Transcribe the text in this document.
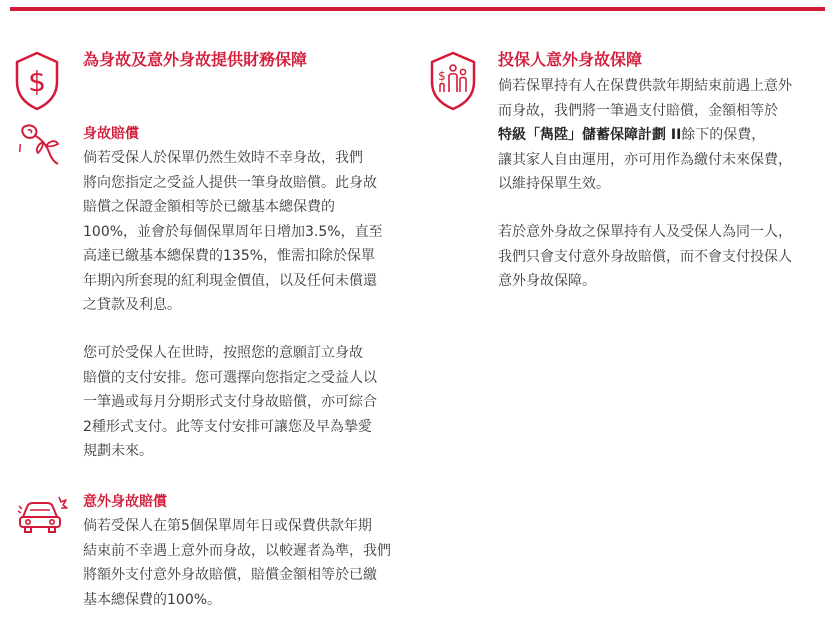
$
為身故及意外身故提供財務保障
身故賠償
倘若受保人於保單仍然生效時不幸身故，我們
將向您指定之受益人提供一筆身故賠償。此身故
賠償之保證金額相等於已繳基本總保費的
100%，並會於每個保單周年日增加3.5%，直至
高達已繳基本總保費的135%，惟需扣除於保單
年期內所套現的紅利現金價值，以及任何未償還
之貸款及利息。
您可於受保人在世時，按照您的意願訂立身故
賠償的支付安排。您可選擇向您指定之受益人以
一筆過或每月分期形式支付身故賠償，亦可綜合
2種形式支付。此等支付安排可讓您及早為摯愛
規劃未來。
意外身故賠償
倘若受保人在第5個保單周年日或保費供款年期
結束前不幸遇上意外而身故，以較遲者為準，我們
將額外支付意外身故賠償，賠償金額相等於已繳
基本總保費的100%。
$
投保人意外身故保障
倘若保單持有人在保費供款年期結束前遇上意外
而身故，我們將一筆過支付賠償，金額相等於
特級「雋陞」儲蓄保障計劃 II餘下的保費，
讓其家人自由運用，亦可用作為繳付未來保費，
以維持保單生效。
若於意外身故之保單持有人及受保人為同一人，
我們只會支付意外身故賠償，而不會支付投保人
意外身故保障。
